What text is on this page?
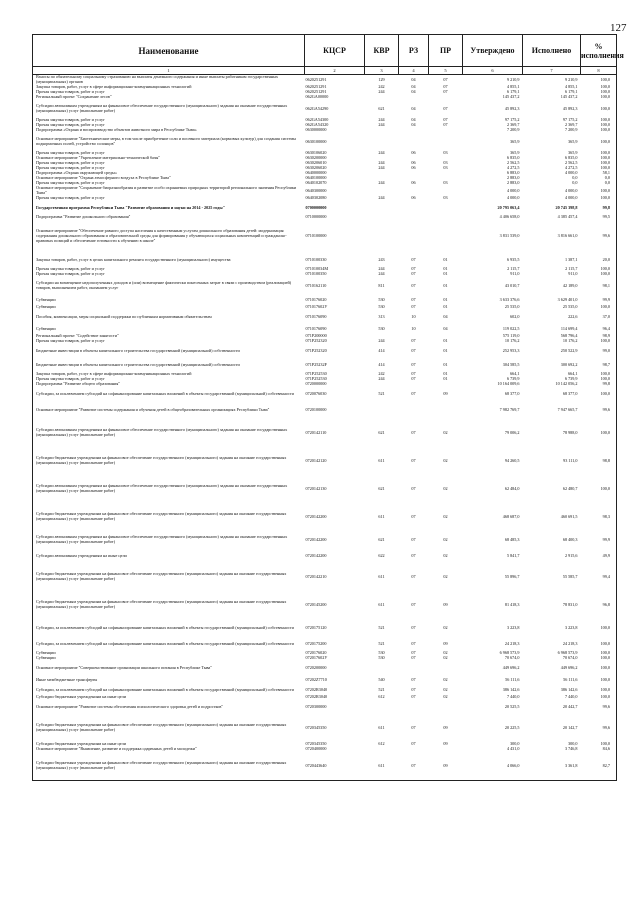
127
Наименование	КЦСР	КВР	РЗ	ПР	Утверждено	Исполнено	% исполнения
1	2	3	4	5	6	7	8
Взносы по обязательному социальному страхованию на выплаты денежного содержания и иные выплаты работникам государственных (муниципальных) органов	0620251291	129	04	07	9 210,9	9 210,9	100,0
Закупка товаров, работ, услуг в сфере информационно-коммуникационных технологий	0620251291	242	04	07	4 855,1	4 855,1	100,0
Прочая закупка товаров, работ и услуг	0620251291	244	04	07	6 179,1	6 179,1	100,0
Региональный проект "Сохранение лесов"	062GA00000				145 437,2	145 437,2	100,0
Субсидии автономным учреждениям на финансовое обеспечение государственного (муниципального) задания на оказание государственных (муниципальных) услуг (выполнение работ)	062GA54290	621	04	07	45 892,3	45 892,3	100,0
Прочая закупка товаров, работ и услуг	062GA54300	244	04	07	97 175,2	97 175,2	100,0
Прочая закупка товаров, работ и услуг	062GA54320	244	04	07	2 369,7	2 369,7	100,0
Подпрограмма «Охрана и воспроизводство объектов животного мира в Республике Тыва»	0630000000				7 200,9	7 200,9	100,0
Основное мероприятие "Биотехнические меры, в том числе приобретение соли и посевного материала (кормовых культур) для создания системы подкормочных полей, устройство солонцов"	0630100000				365,9	365,9	100,0
Прочая закупка товаров, работ и услуг	0630106020	244	06	03	365,9	365,9	100,0
Основное мероприятие "Укрепление материально-технической базы"	0630200000				6 835,0	6 835,0	100,0
Прочая закупка товаров, работ и услуг	0630206010	244	06	03	2 562,5	2 562,5	100,0
Прочая закупка товаров, работ и услуг	0630206020	244	06	03	4 272,5	4 272,5	100,0
Подпрограмма «Охрана окружающей среды»	0640000000				6 883,0	4 000,0	58,1
Основное мероприятие "Охрана атмосферного воздуха в Республике Тыва"	0640100000				2 883,0	0,0	0,0
Прочая закупка товаров, работ и услуг	0640102070	244	06	03	2 883,0	0,0	0,0
Основное мероприятие "Сохранение биоразнообразия и развитие особо охраняемых природных территорий регионального значения Республики Тыва"	0640300000				4 000,0	4 000,0	100,0
Прочая закупка товаров, работ и услуг	0640302080	244	06	03	4 000,0	4 000,0	100,0
Государственная программа Республики Тыва "Развитие образования и науки на 2014 - 2025 годы"	0700000000				20 795 063,4	20 745 398,8	99,8
Подпрограмма "Развитие дошкольного образования"	0710000000				4 406 658,0	4 385 457,4	99,5
Основное мероприятие "Обеспечение равного доступа населения к качественным услугам дошкольного образования детей: модернизация содержания дошкольного образования и образовательной среды для формирования у обучающихся социальных компетенций и гражданско-правовых позиций и обеспечение готовности к обучению в школе"	0710100000				3 831 539,0	3 816 661,0	99,6
Закупка товаров, работ, услуг в целях капитального ремонта государственного (муниципального) имущества	0710100330	243	07	01	6 935,5	1 387,1	20,0
Прочая закупка товаров, работ и услуг	071010034M	244	07	01	2 115,7	2 115,7	100,0
Прочая закупка товаров, работ и услуг	0710100350	244	07	01	911,0	911,0	100,0
Субсидии на возмещение недополученных доходов и (или) возмещение фактически понесенных затрат в связи с производством (реализацией) товаров, выполнением работ, оказанием услуг	0710162110	811	07	01	43 010,7	42 189,0	98,1
Субвенции	0710176020	530	07	01	3 633 376,6	3 629 401,0	99,9
Субвенции	071017602У	530	07	01	25 535,0	25 535,0	100,0
Пособия, компенсации, меры социальной поддержки по публичным нормативным обязательствам	0710176090	313	10	04	602,0	222,6	37,0
Субвенции	0710176090	530	10	04	119 022,5	114 699,4	96,4
Региональный проект "Содействие занятости"	071P200000				575 119,0	568 796,4	98,9
Прочая закупка товаров, работ и услуг	071P252320	244	07	01	10 176,2	10 176,2	100,0
Бюджетные инвестиции в объекты капитального строительства государственной (муниципальной) собственности	071P252320	414	07	01	252 953,3	250 522,9	99,0
Бюджетные инвестиции в объекты капитального строительства государственной (муниципальной) собственности	071P25232F	414	07	01	304 585,5	300 692,2	98,7
Закупка товаров, работ, услуг в сфере информационно-коммуникационных технологий	071P252530	242	07	01	664,1	664,1	100,0
Прочая закупка товаров, работ и услуг	071P252530	244	07	01	6 739,9	6 739,9	100,0
Подпрограмма "Развитие общего образования"	0720000000				10 164 009,6	10 142 056,2	99,8
Субсидии, за исключением субсидий на софинансирование капитальных вложений в объекты государственной (муниципальной) собственности	0720076030	521	07	09	68 377,0	68 377,0	100,0
Основное мероприятие "Развитие системы содержания и обучения детей в общеобразовательных организациях Республики Тыва"	0720100000				7 982 769,7	7 947 665,7	99,6
Субсидии автономным учреждениям на финансовое обеспечение государственного (муниципального) задания на оказание государственных (муниципальных) услуг (выполнение работ)	0720142110	621	07	02	79 006,2	78 988,0	100,0
Субсидии бюджетным учреждениям на финансовое обеспечение государственного (муниципального) задания на оказание государственных (муниципальных) услуг (выполнение работ)	0720142120	611	07	02	94 260,5	93 111,0	98,8
Субсидии автономным учреждениям на финансовое обеспечение государственного (муниципального) задания на оказание государственных (муниципальных) услуг (выполнение работ)	0720142130	621	07	02	62 484,0	62 480,7	100,0
Субсидии бюджетным учреждениям на финансовое обеспечение государственного (муниципального) задания на оказание государственных (муниципальных) услуг (выполнение работ)	0720142200	611	07	02	468 687,0	460 691,5	98,3
Субсидии автономным учреждениям на финансовое обеспечение государственного (муниципального) задания на оказание государственных (муниципальных) услуг (выполнение работ)	0720142200	621	07	02	68 485,3	68 400,3	99,9
Субсидии автономным учреждениям на иные цели	0720142200	622	07	02	5 841,7	2 915,6	49,9
Субсидии бюджетным учреждениям на финансовое обеспечение государственного (муниципального) задания на оказание государственных (муниципальных) услуг (выполнение работ)	0720142210	611	07	02	55 896,7	55 585,7	99,4
Субсидии бюджетным учреждениям на финансовое обеспечение государственного (муниципального) задания на оказание государственных (муниципальных) услуг (выполнение работ)	0720145200	611	07	09	81 418,3	78 831,0	96,8
Субсидии, за исключением субсидий на софинансирование капитальных вложений в объекты государственной (муниципальной) собственности	0720175120	521	07	02	3 223,8	3 223,8	100,0
Субсидии, за исключением субсидий на софинансирование капитальных вложений в объекты государственной (муниципальной) собственности	0720175200	521	07	09	24 218,3	24 218,3	100,0
Субвенции	0720176020	530	07	02	6 968 573,9	6 968 573,9	100,0
Субвенции	072017602У	530	07	02	70 674,0	70 674,0	100,0
Основное мероприятие "Совершенствование организации школьного питания в Республике Тыва"	0720200000				449 696,2	449 696,2	100,0
Иные межбюджетные трансферты	07202Z7710	540	07	02	56 111,6	56 111,6	100,0
Субсидии, за исключением субсидий на софинансирование капитальных вложений в объекты государственной (муниципальной) собственности	07202R3040	521	07	02	386 142,6	386 142,6	100,0
Субсидии бюджетным учреждениям на иные цели	07202R3040	612	07	02	7 440,0	7 440,0	100,0
Основное мероприятие "Развитие системы обеспечения психологического здоровья детей и подростков"	0720300000				20 525,5	20 442,7	99,6
Субсидии бюджетным учреждениям на финансовое обеспечение государственного (муниципального) задания на оказание государственных (муниципальных) услуг (выполнение работ)	0720345350	611	07	09	20 225,5	20 142,7	99,6
Субсидии бюджетным учреждениям на иные цели	0720345350	612	07	09	300,0	300,0	100,0
Основное мероприятие "Выявление, развитие и поддержка одаренных детей и молодежи"	0720400000				4 431,0	3 746,8	84,6
Субсидии бюджетным учреждениям на финансовое обеспечение государственного (муниципального) задания на оказание государственных (муниципальных) услуг (выполнение работ)	0720443640	611	07	09	4 066,0	3 361,8	82,7
